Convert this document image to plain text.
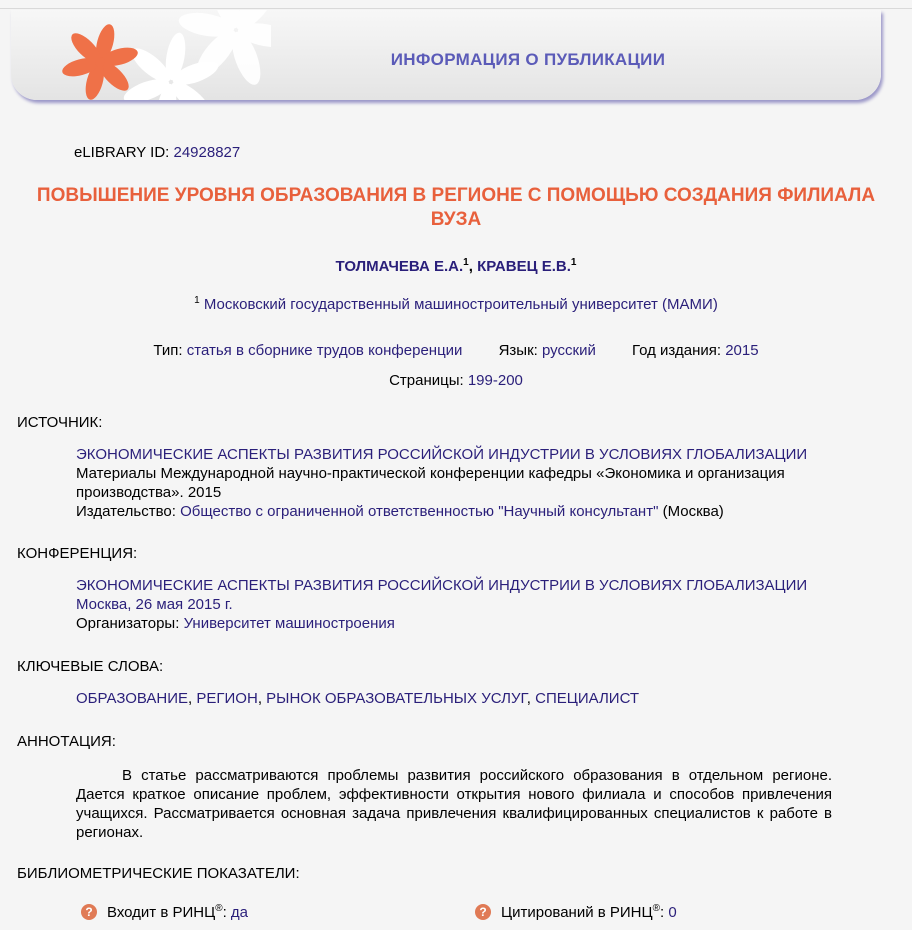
ИНФОРМАЦИЯ О ПУБЛИКАЦИИ
eLIBRARY ID: 24928827
ПОВЫШЕНИЕ УРОВНЯ ОБРАЗОВАНИЯ В РЕГИОНЕ С ПОМОЩЬЮ СОЗДАНИЯ ФИЛИАЛА ВУЗА
ТОЛМАЧЕВА Е.А.$^1$, КРАВЕЦ Е.В.$^1$
$^1$ Московский государственный машиностроительный университет (МАМИ)
Тип: статья в сборнике трудов конференции Язык: русский Год издания: 2015
Страницы: 199-200
ИСТОЧНИК:
ЭКОНОМИЧЕСКИЕ АСПЕКТЫ РАЗВИТИЯ РОССИЙСКОЙ ИНДУСТРИИ В УСЛОВИЯХ ГЛОБАЛИЗАЦИИ
Материалы Международной научно-практической конференции кафедры «Экономика и организация производства». 2015
Издательство: Общество с ограниченной ответственностью "Научный консультант" (Москва)
КОНФЕРЕНЦИЯ:
ЭКОНОМИЧЕСКИЕ АСПЕКТЫ РАЗВИТИЯ РОССИЙСКОЙ ИНДУСТРИИ В УСЛОВИЯХ ГЛОБАЛИЗАЦИИ
Москва, 26 мая 2015 г.
Организаторы: Университет машиностроения
КЛЮЧЕВЫЕ СЛОВА:
ОБРАЗОВАНИЕ, РЕГИОН, РЫНОК ОБРАЗОВАТЕЛЬНЫХ УСЛУГ, СПЕЦИАЛИСТ
АННОТАЦИЯ:
В статье рассматриваются проблемы развития российского образования в отдельном регионе. Дается краткое описание проблем, эффективности открытия нового филиала и способов привлечения учащихся. Рассматривается основная задача привлечения квалифицированных специалистов к работе в регионах.
БИБЛИОМЕТРИЧЕСКИЕ ПОКАЗАТЕЛИ:
? Входит в РИНЦ®: да	? Цитирований в РИНЦ®: 0
